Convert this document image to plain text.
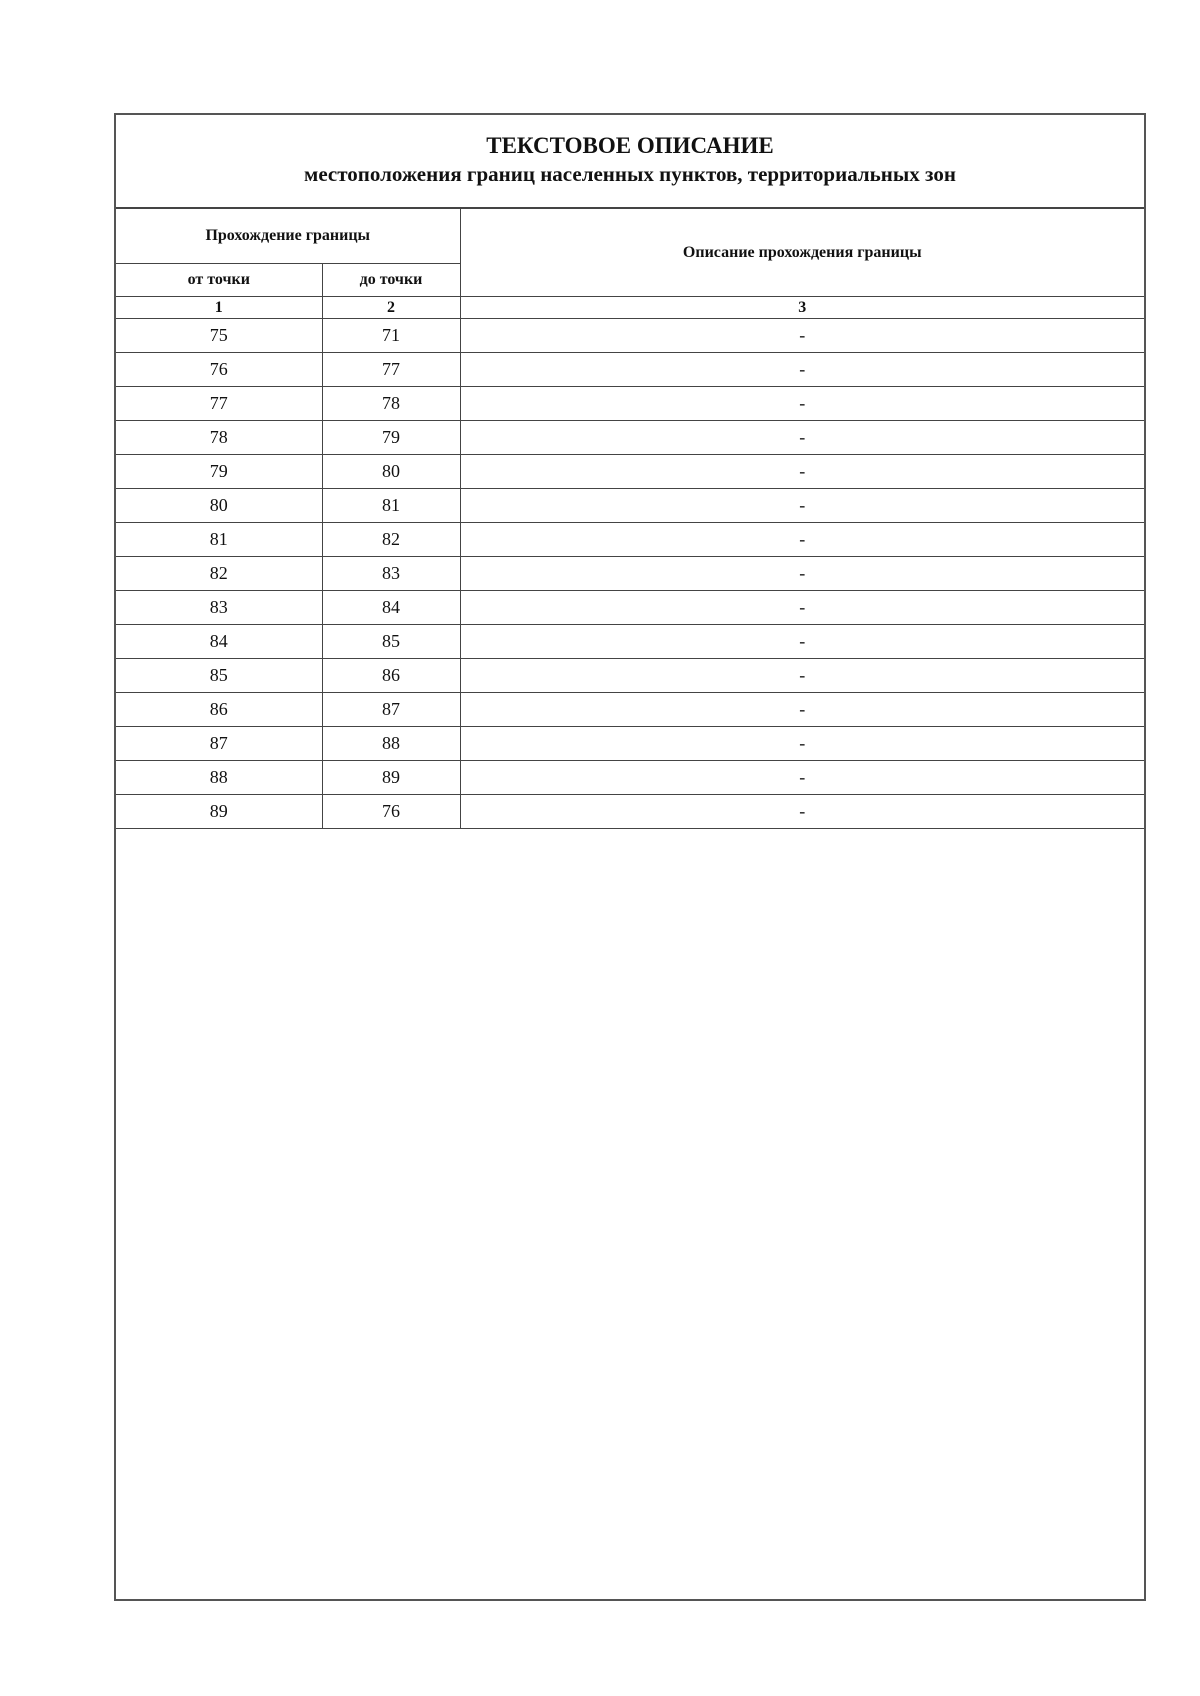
ТЕКСТОВОЕ ОПИСАНИЕ
местоположения границ населенных пунктов, территориальных зон
Прохождение границы		Описание прохождения границы
от точки	до точки	
1	2	3
75	71	-
76	77	-
77	78	-
78	79	-
79	80	-
80	81	-
81	82	-
82	83	-
83	84	-
84	85	-
85	86	-
86	87	-
87	88	-
88	89	-
89	76	-
